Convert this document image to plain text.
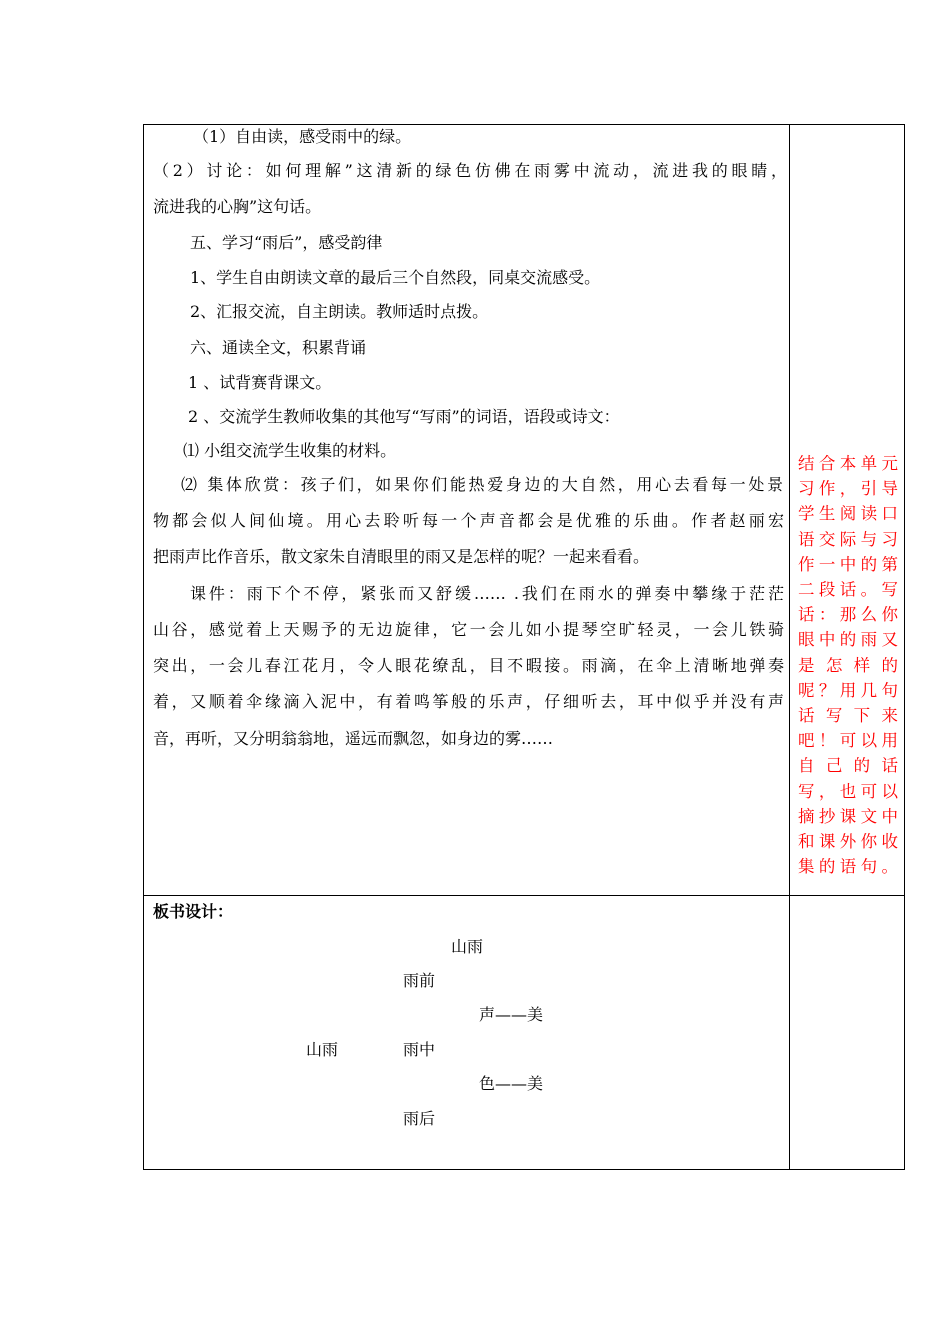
（1）自由读，感受雨中的绿。
（2）讨论：如何理解”这清新的绿色仿佛在雨雾中流动，流进我的眼睛，
流进我的心胸”这句话。
五、学习“雨后”，感受韵律
1、学生自由朗读文章的最后三个自然段，同桌交流感受。
2、汇报交流，自主朗读。教师适时点拨。
六、通读全文，积累背诵
1 、试背赛背课文。
2 、交流学生教师收集的其他写“写雨”的词语，语段或诗文：
⑴ 小组交流学生收集的材料。
⑵ 集体欣赏：孩子们，如果你们能热爱身边的大自然，用心去看每一处景
物都会似人间仙境。用心去聆听每一个声音都会是优雅的乐曲。作者赵丽宏
把雨声比作音乐，散文家朱自清眼里的雨又是怎样的呢？一起来看看。
课件：雨下个不停，紧张而又舒缓…… .我们在雨水的弹奏中攀缘于茫茫
山谷，感觉着上天赐予的无边旋律，它一会儿如小提琴空旷轻灵，一会儿铁骑
突出，一会儿春江花月，令人眼花缭乱，目不暇接。雨滴，在伞上清晰地弹奏
着，又顺着伞缘滴入泥中，有着鸣筝般的乐声，仔细听去，耳中似乎并没有声
音，再听，又分明翁翁地，遥远而飘忽，如身边的雾……
结合本单元
习作，引导
学生阅读口
语交际与习
作一中的第
二段话。写
话：那么你
眼中的雨又
是 怎 样 的
呢？用几句
话 写 下 来
吧！可以用
自 己 的 话
写，也可以
摘抄课文中
和课外你收
集的语句。
板书设计：
山雨
雨前
声——美
山雨	雨中
色——美
雨后
